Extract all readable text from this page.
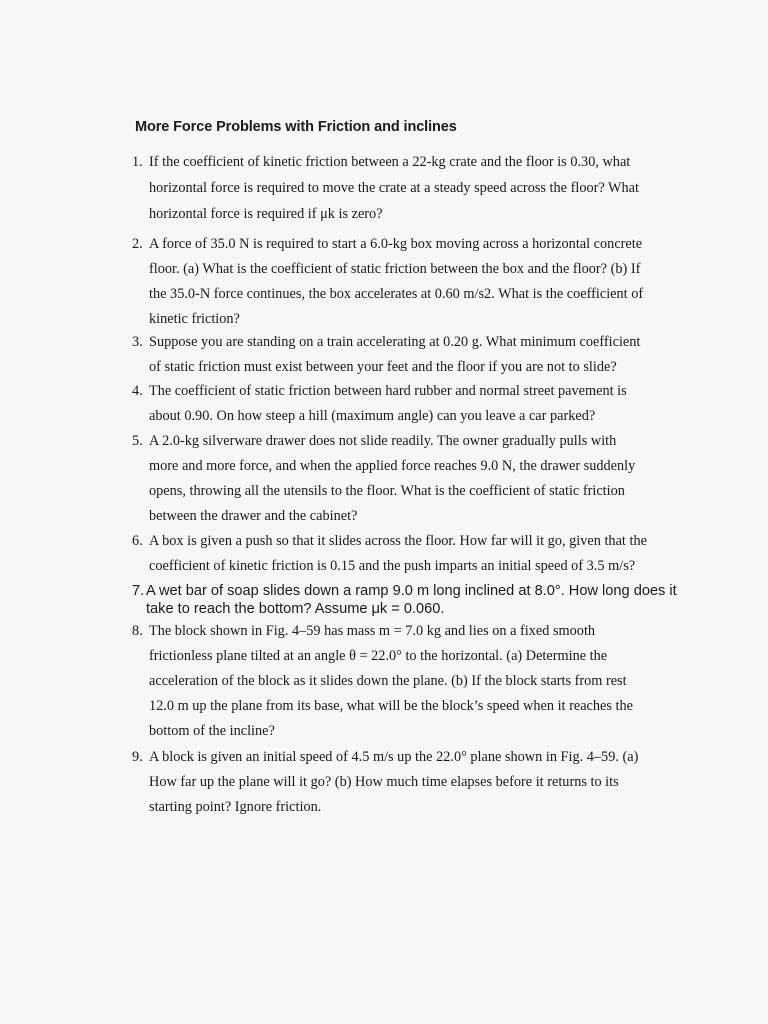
More Force Problems with Friction and inclines
1. If the coefficient of kinetic friction between a 22-kg crate and the floor is 0.30, what
horizontal force is required to move the crate at a steady speed across the floor? What
horizontal force is required if μk is zero?
2. A force of 35.0 N is required to start a 6.0-kg box moving across a horizontal concrete
floor. (a) What is the coefficient of static friction between the box and the floor? (b) If
the 35.0-N force continues, the box accelerates at 0.60 m/s2. What is the coefficient of
kinetic friction?
3. Suppose you are standing on a train accelerating at 0.20 g. What minimum coefficient
of static friction must exist between your feet and the floor if you are not to slide?
4. The coefficient of static friction between hard rubber and normal street pavement is
about 0.90. On how steep a hill (maximum angle) can you leave a car parked?
5. A 2.0-kg silverware drawer does not slide readily. The owner gradually pulls with
more and more force, and when the applied force reaches 9.0 N, the drawer suddenly
opens, throwing all the utensils to the floor. What is the coefficient of static friction
between the drawer and the cabinet?
6. A box is given a push so that it slides across the floor. How far will it go, given that the
coefficient of kinetic friction is 0.15 and the push imparts an initial speed of 3.5 m/s?
7. A wet bar of soap slides down a ramp 9.0 m long inclined at 8.0°. How long does it
take to reach the bottom? Assume μk = 0.060.
8. The block shown in Fig. 4–59 has mass m = 7.0 kg and lies on a fixed smooth
frictionless plane tilted at an angle θ = 22.0° to the horizontal. (a) Determine the
acceleration of the block as it slides down the plane. (b) If the block starts from rest
12.0 m up the plane from its base, what will be the block’s speed when it reaches the
bottom of the incline?
9. A block is given an initial speed of 4.5 m/s up the 22.0° plane shown in Fig. 4–59. (a)
How far up the plane will it go? (b) How much time elapses before it returns to its
starting point? Ignore friction.
